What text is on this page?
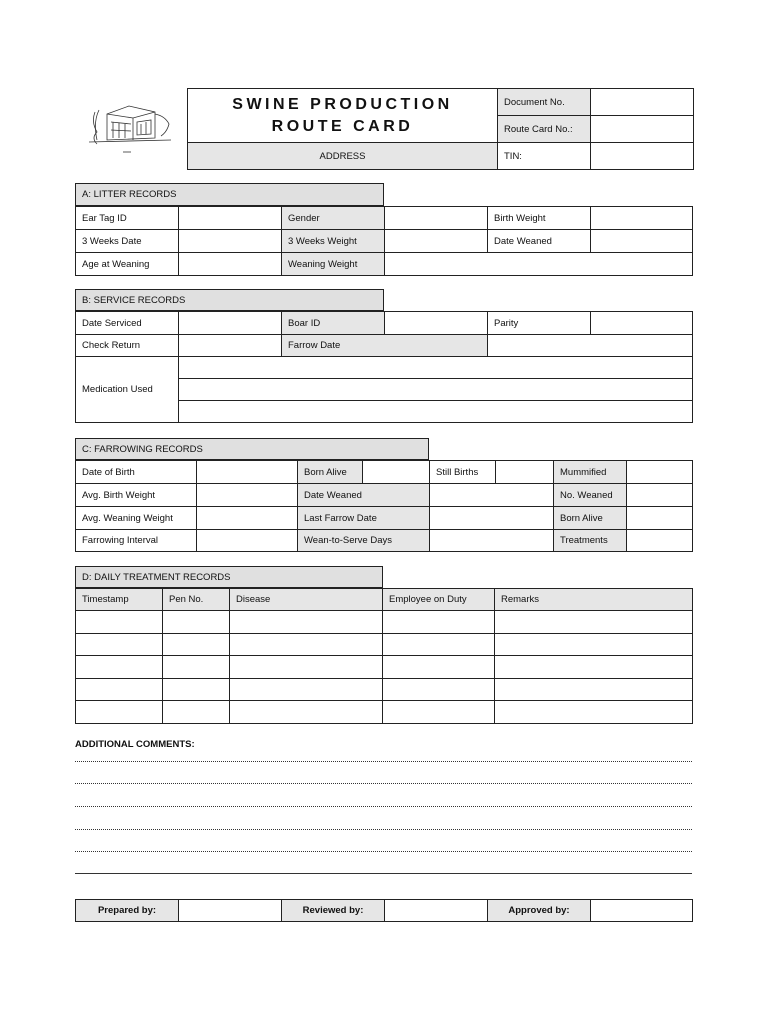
SWINE PRODUCTION
ROUTE CARD	Document No.	
	Route Card No.:	
ADDRESS	TIN:	
A: LITTER RECORDS
Ear Tag ID		Gender		Birth Weight	
3 Weeks Date		3 Weeks Weight		Date Weaned	
Age at Weaning		Weaning Weight			
B: SERVICE RECORDS
Date Serviced		Boar ID		Parity	
Check Return		Farrow Date			
Medication Used					

C: FARROWING RECORDS
Date of Birth		Born Alive		Still Births		Mummified	
Avg. Birth Weight		Date Weaned				No. Weaned	
Avg. Weaning Weight		Last Farrow Date				Born Alive	
Farrowing Interval		Wean-to-Serve Days				Treatments	
D: DAILY TREATMENT RECORDS
Timestamp	Pen No.	Disease	Employee on Duty	Remarks

ADDITIONAL COMMENTS:
Prepared by:		Reviewed by:		Approved by:	
